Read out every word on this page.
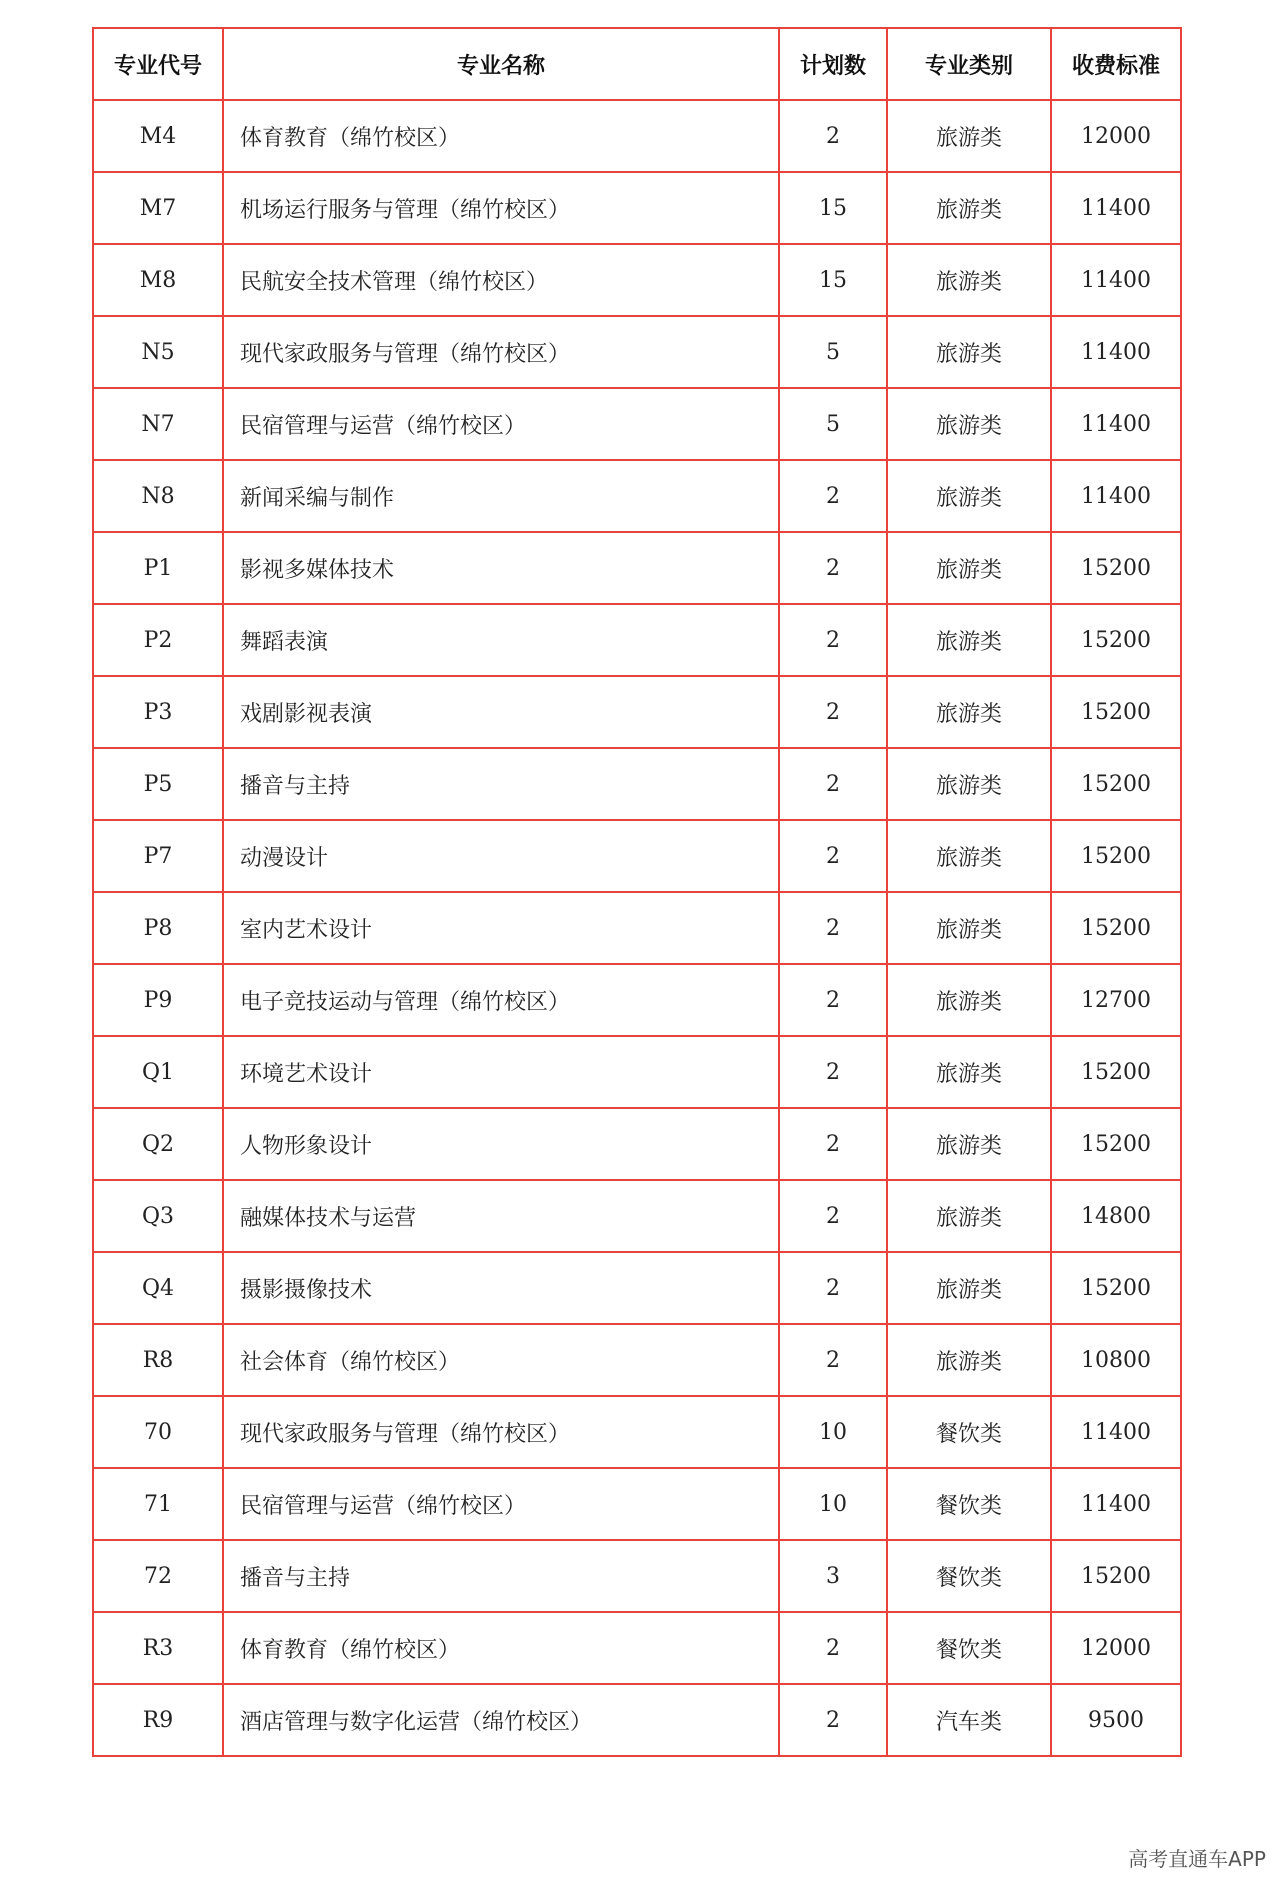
专业代号	专业名称	计划数	专业类别	收费标准
M4	体育教育（绵竹校区）	2	旅游类	12000
M7	机场运行服务与管理（绵竹校区）	15	旅游类	11400
M8	民航安全技术管理（绵竹校区）	15	旅游类	11400
N5	现代家政服务与管理（绵竹校区）	5	旅游类	11400
N7	民宿管理与运营（绵竹校区）	5	旅游类	11400
N8	新闻采编与制作	2	旅游类	11400
P1	影视多媒体技术	2	旅游类	15200
P2	舞蹈表演	2	旅游类	15200
P3	戏剧影视表演	2	旅游类	15200
P5	播音与主持	2	旅游类	15200
P7	动漫设计	2	旅游类	15200
P8	室内艺术设计	2	旅游类	15200
P9	电子竞技运动与管理（绵竹校区）	2	旅游类	12700
Q1	环境艺术设计	2	旅游类	15200
Q2	人物形象设计	2	旅游类	15200
Q3	融媒体技术与运营	2	旅游类	14800
Q4	摄影摄像技术	2	旅游类	15200
R8	社会体育（绵竹校区）	2	旅游类	10800
70	现代家政服务与管理（绵竹校区）	10	餐饮类	11400
71	民宿管理与运营（绵竹校区）	10	餐饮类	11400
72	播音与主持	3	餐饮类	15200
R3	体育教育（绵竹校区）	2	餐饮类	12000
R9	酒店管理与数字化运营（绵竹校区）	2	汽车类	9500
高考直通车APP
